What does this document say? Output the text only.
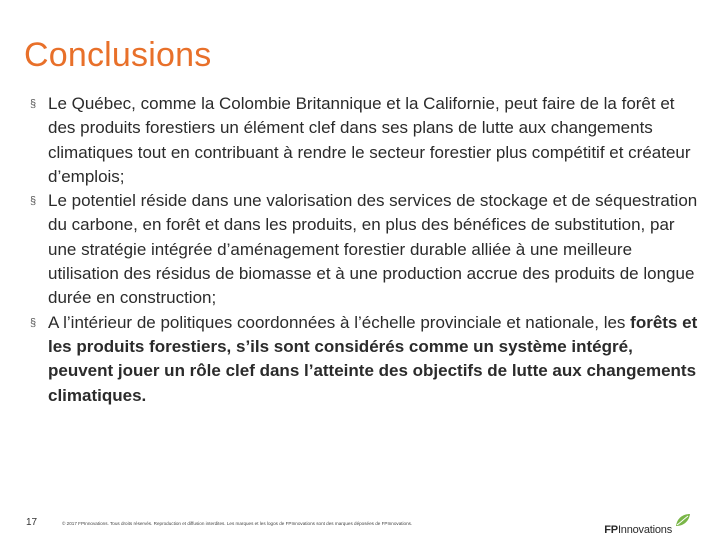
Conclusions
§ Le Québec, comme la Colombie Britannique et la Californie, peut faire de la forêt et des produits forestiers un élément clef dans ses plans de lutte aux changements climatiques tout en contribuant à rendre le secteur forestier plus compétitif et créateur d’emplois;
§ Le potentiel réside dans une valorisation des services de stockage et de séquestration du carbone, en forêt et dans les produits, en plus des bénéfices de substitution, par une stratégie intégrée d’aménagement forestier durable alliée à une meilleure utilisation des résidus de biomasse et à une production accrue des produits de longue durée en construction;
§ A l’intérieur de politiques coordonnées à l’échelle provinciale et nationale, les forêts et les produits forestiers, s’ils sont considérés comme un système intégré, peuvent jouer un rôle clef dans l’atteinte des objectifs de lutte aux changements climatiques.
17	© 2017 FPInnovations. Tous droits réservés. Reproduction et diffusion interdites. Les marques et les logos de FPInnovations sont des marques déposées de FPInnovations.
FPInnovations
